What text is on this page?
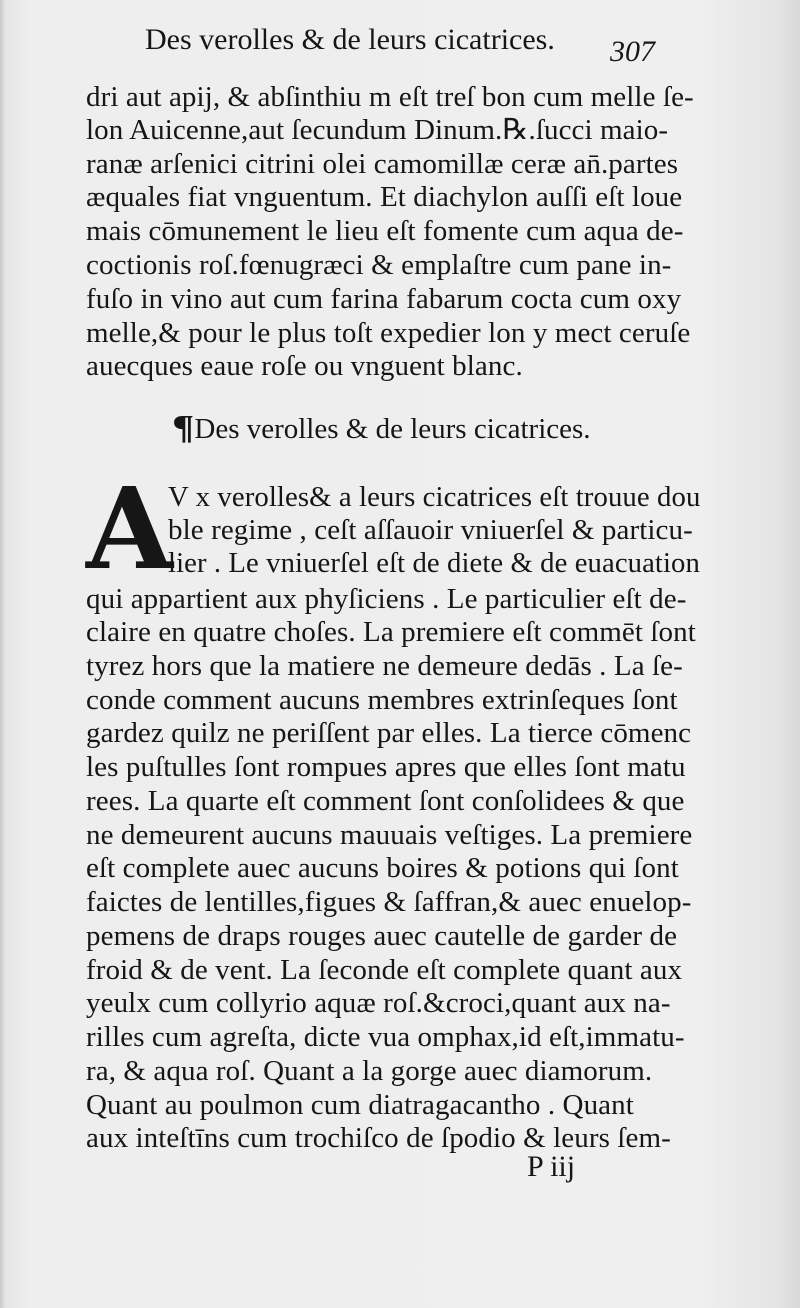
Des verolles & de leurs cicatrices. 307
dri aut apij, & abſinthiu m eſt treſ bon cum melle ſe-
lon Auicenne,aut ſecundum Dinum.℞.ſucci maio-
ranæ arſenici citrini olei camomillæ ceræ an̄.partes
æquales fiat vnguentum. Et diachylon auſſi eſt loue
mais cōmunement le lieu eſt fomente cum aqua de-
coctionis roſ.fœnugræci & emplaſtre cum pane in-
fuſo in vino aut cum farina fabarum cocta cum oxy
melle,& pour le plus toſt expedier lon y mect ceruſe
auecques eaue roſe ou vnguent blanc.
¶Des verolles & de leurs cicatrices.
A
V x verolles& a leurs cicatrices eſt trouue dou
ble regime , ceſt aſſauoir vniuerſel & particu-
lier . Le vniuerſel eſt de diete & de euacuation
qui appartient aux phyſiciens . Le particulier eſt de-
claire en quatre choſes. La premiere eſt commēt ſont
tyrez hors que la matiere ne demeure dedās . La ſe-
conde comment aucuns membres extrinſeques ſont
gardez quilz ne periſſent par elles. La tierce cōmenc
les puſtulles ſont rompues apres que elles ſont matu
rees. La quarte eſt comment ſont conſolidees & que
ne demeurent aucuns mauuais veſtiges. La premiere
eſt complete auec aucuns boires & potions qui ſont
faictes de lentilles,figues & ſaffran,& auec enuelop-
pemens de draps rouges auec cautelle de garder de
froid & de vent. La ſeconde eſt complete quant aux
yeulx cum collyrio aquæ roſ.&croci,quant aux na-
rilles cum agreſta, dicte vua omphax,id eſt,immatu-
ra, & aqua roſ. Quant a la gorge auec diamorum.
Quant au poulmon cum diatragacantho . Quant
aux inteſtīns cum trochiſco de ſpodio & leurs ſem-
P iij
